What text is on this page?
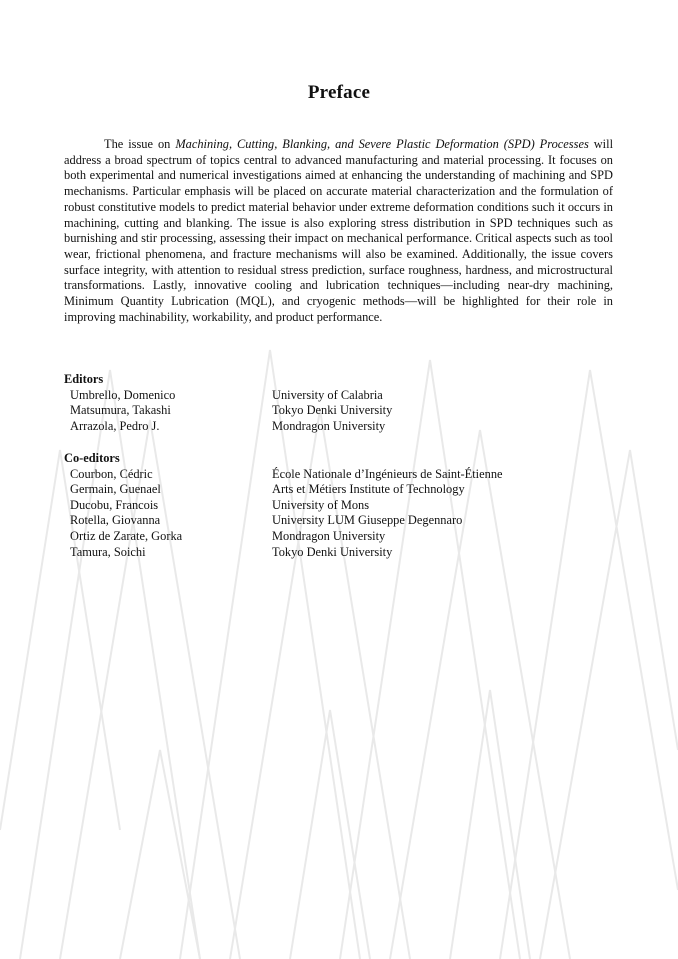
Preface

The issue on Machining, Cutting, Blanking, and Severe Plastic Deformation (SPD) Processes will address a broad spectrum of topics central to advanced manufacturing and material processing. It focuses on both experimental and numerical investigations aimed at enhancing the understanding of machining and SPD mechanisms. Particular emphasis will be placed on accurate material characterization and the formulation of robust constitutive models to predict material behavior under extreme deformation conditions such it occurs in machining, cutting and blanking. The issue is also exploring stress distribution in SPD techniques such as burnishing and stir processing, assessing their impact on mechanical performance. Critical aspects such as tool wear, frictional phenomena, and fracture mechanisms will also be examined. Additionally, the issue covers surface integrity, with attention to residual stress prediction, surface roughness, hardness, and microstructural transformations. Lastly, innovative cooling and lubrication techniques—including near-dry machining, Minimum Quantity Lubrication (MQL), and cryogenic methods—will be highlighted for their role in improving machinability, workability, and product performance.

Editors
Umbrello, Domenico	University of Calabria
Matsumura, Takashi	Tokyo Denki University
Arrazola, Pedro J.	Mondragon University
Co-editors
Courbon, Cédric	École Nationale d’Ingénieurs de Saint-Étienne
Germain, Guenael	Arts et Métiers Institute of Technology
Ducobu, Francois	University of Mons
Rotella, Giovanna	University LUM Giuseppe Degennaro
Ortiz de Zarate, Gorka	Mondragon University
Tamura, Soichi	Tokyo Denki University
